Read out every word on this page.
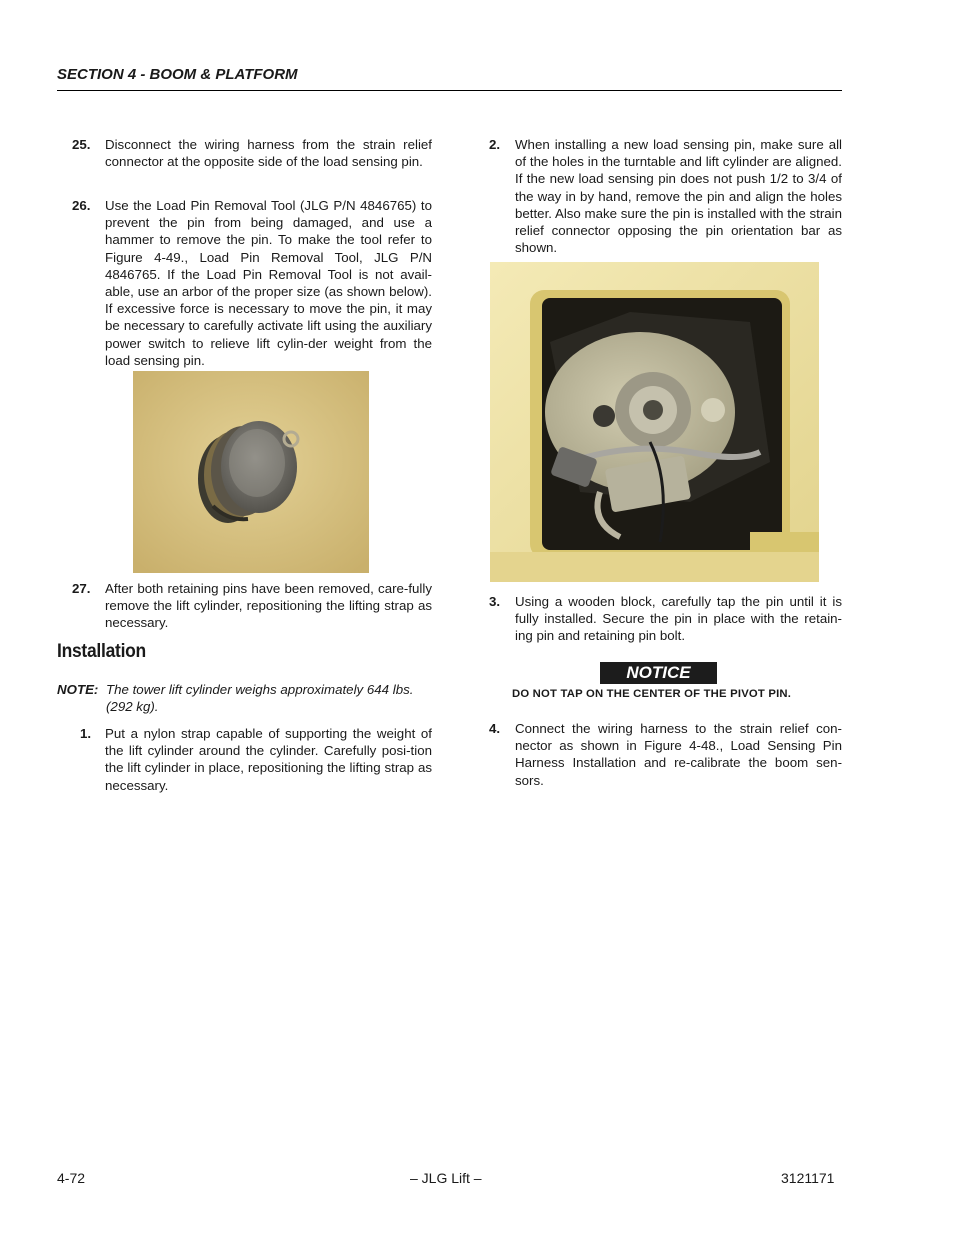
SECTION 4 - BOOM & PLATFORM
25. Disconnect the wiring harness from the strain relief connector at the opposite side of the load sensing pin.
26. Use the Load Pin Removal Tool (JLG P/N 4846765) to prevent the pin from being damaged, and use a hammer to remove the pin. To make the tool refer to Figure 4-49., Load Pin Removal Tool, JLG P/N 4846765. If the Load Pin Removal Tool is not avail-able, use an arbor of the proper size (as shown below). If excessive force is necessary to move the pin, it may be necessary to carefully activate lift using the auxiliary power switch to relieve lift cylin-der weight from the load sensing pin.
27. After both retaining pins have been removed, care-fully remove the lift cylinder, repositioning the lifting strap as necessary.
Installation
NOTE: The tower lift cylinder weighs approximately 644 lbs. (292 kg).
1. Put a nylon strap capable of supporting the weight of the lift cylinder around the cylinder. Carefully posi-tion the lift cylinder in place, repositioning the lifting strap as necessary.
2. When installing a new load sensing pin, make sure all of the holes in the turntable and lift cylinder are aligned. If the new load sensing pin does not push 1/2 to 3/4 of the way in by hand, remove the pin and align the holes better. Also make sure the pin is installed with the strain relief connector opposing the pin orientation bar as shown.
3. Using a wooden block, carefully tap the pin until it is fully installed. Secure the pin in place with the retain-ing pin and retaining pin bolt.
NOTICE
DO NOT TAP ON THE CENTER OF THE PIVOT PIN.
4. Connect the wiring harness to the strain relief con-nector as shown in Figure 4-48., Load Sensing Pin Harness Installation and re-calibrate the boom sen-sors.
4-72	– JLG Lift –	3121171
